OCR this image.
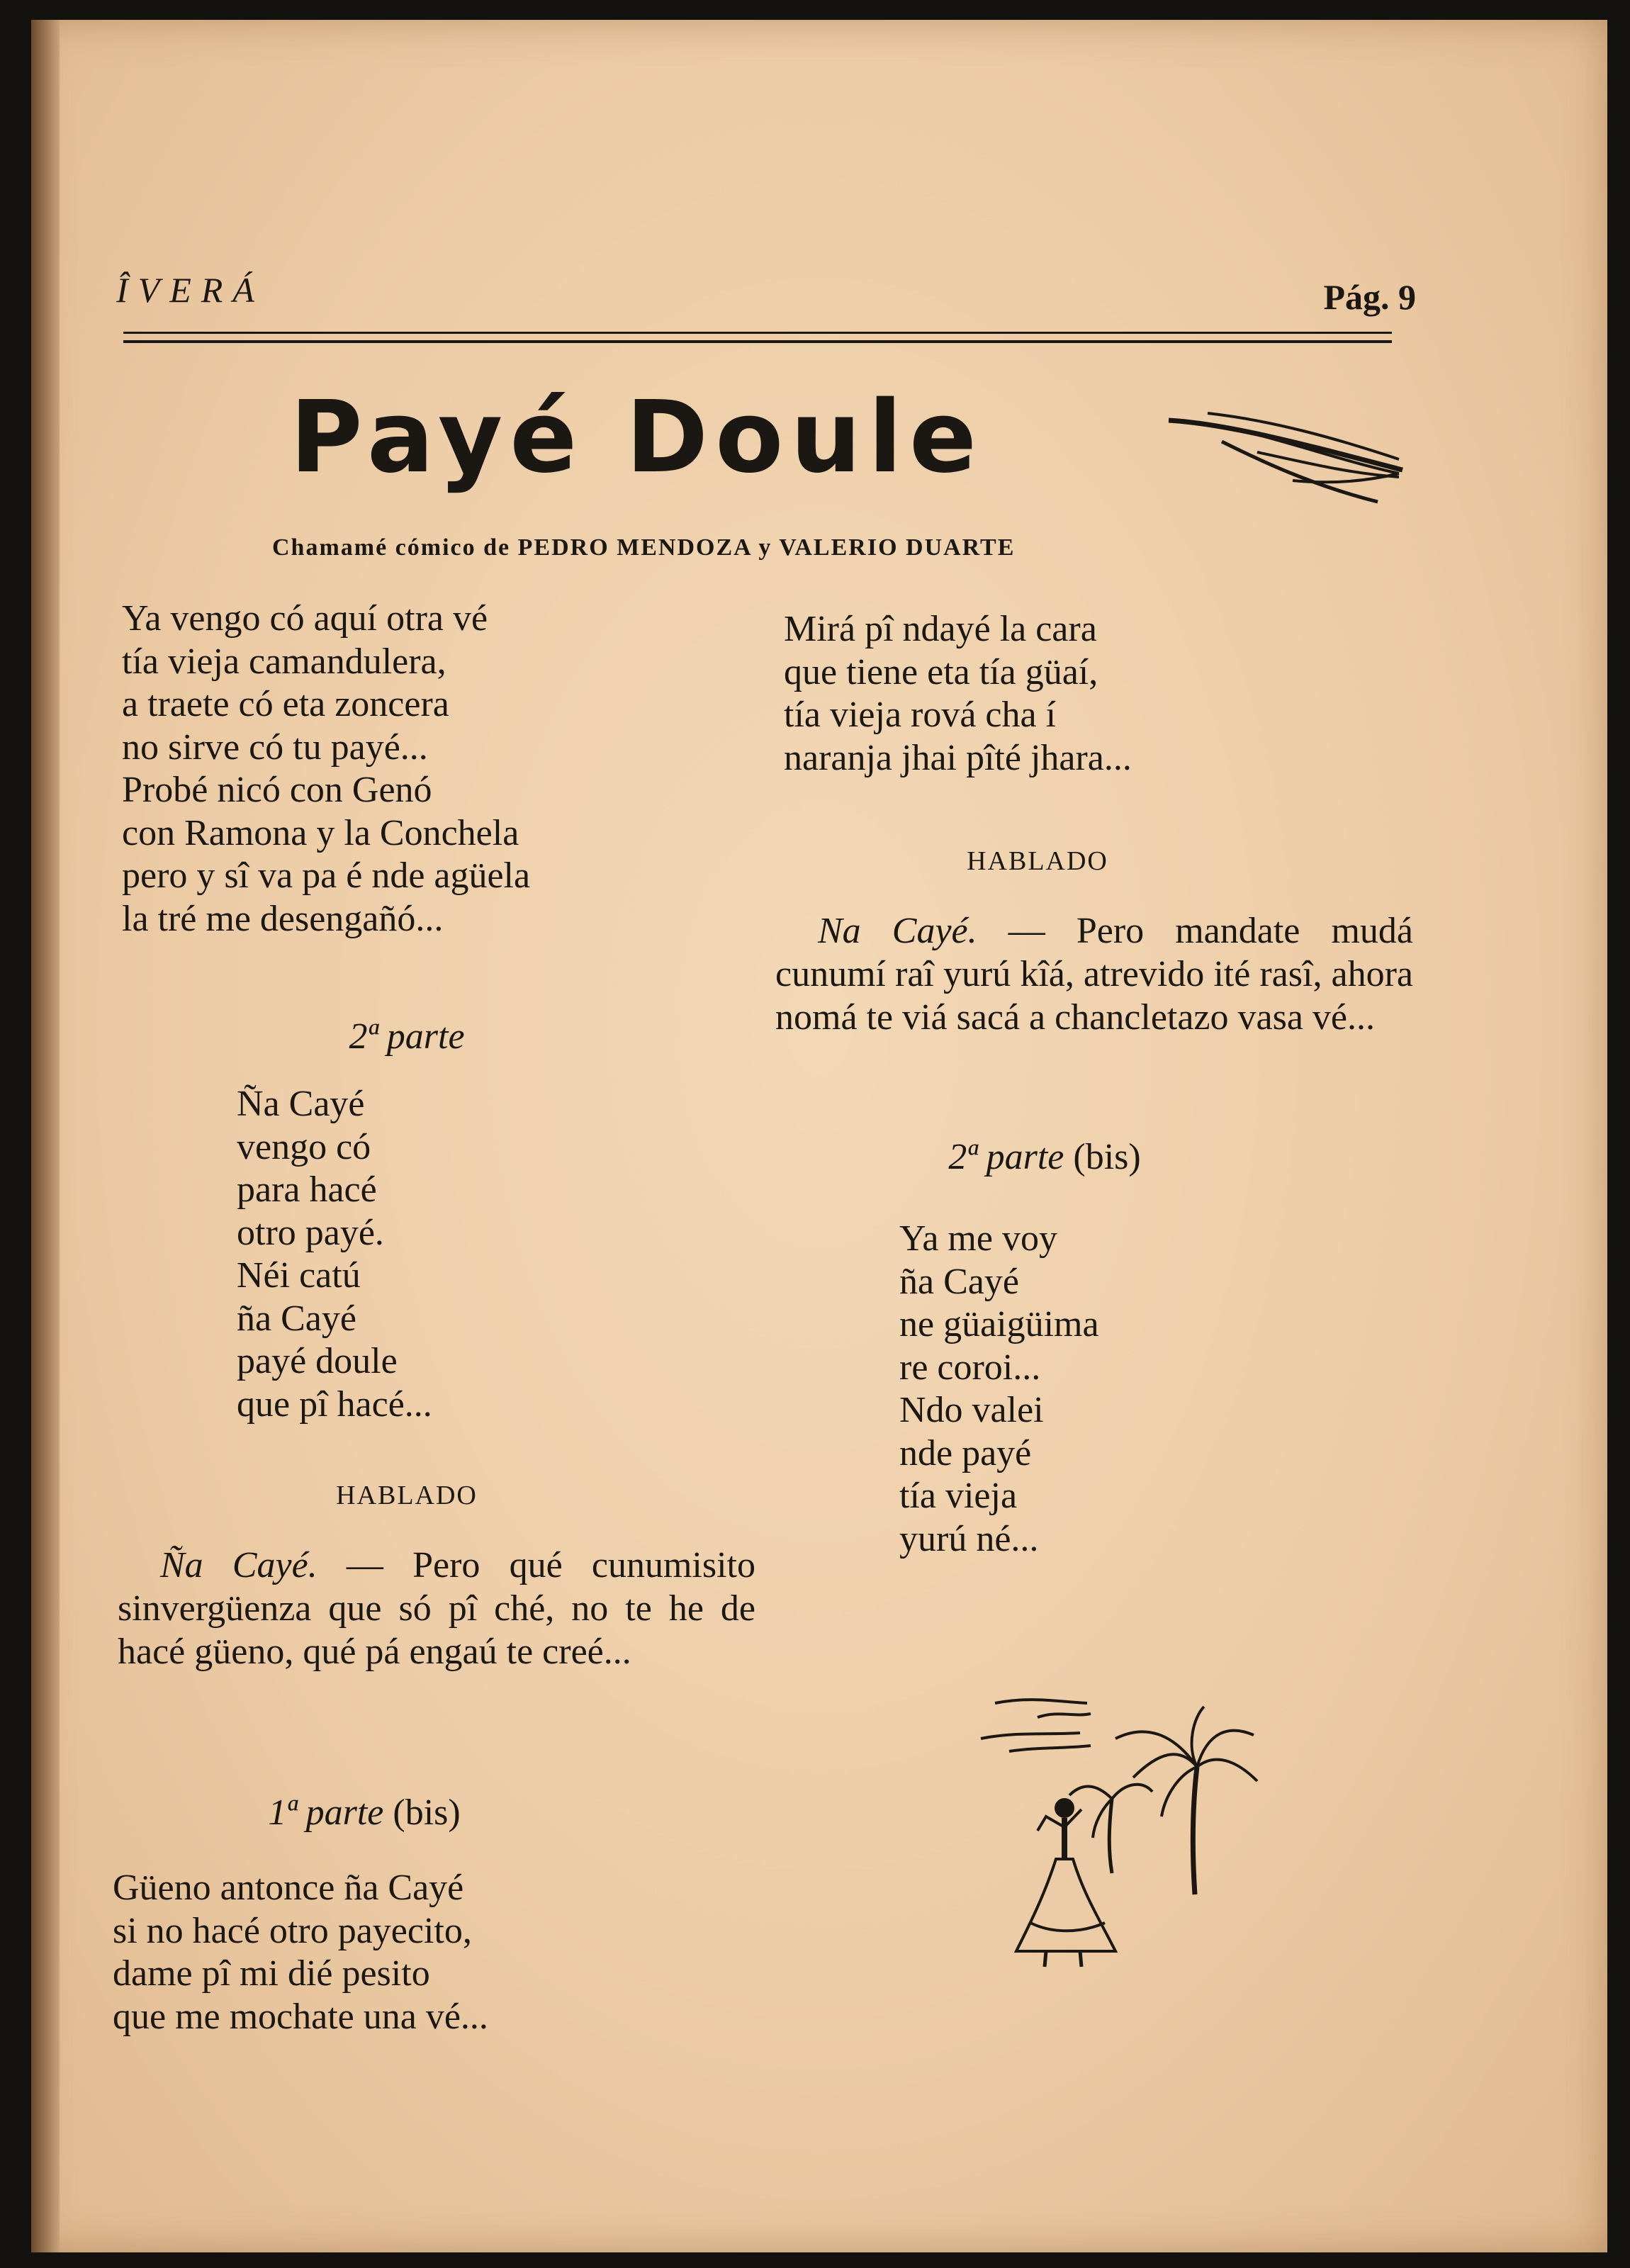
ÎVERÁ	Pág. 9
Payé Doule
Chamamé cómico de PEDRO MENDOZA y VALERIO DUARTE
Ya vengo có aquí otra vé
tía vieja camandulera,
a traete có eta zoncera
no sirve có tu payé...
Probé nicó con Genó
con Ramona y la Conchela
pero y sî va pa é nde agüela
la tré me desengañó...
2ª parte
Ña Cayé
vengo có
para hacé
otro payé.
Néi catú
ña Cayé
payé doule
que pî hacé...
HABLADO
Ña Cayé. — Pero qué cunumisito sinvergüenza que só pî ché, no te he de hacé güeno, qué pá engaú te creé...
1ª parte (bis)
Güeno antonce ña Cayé
si no hacé otro payecito,
dame pî mi dié pesito
que me mochate una vé...
Mirá pî ndayé la cara
que tiene eta tía güaí,
tía vieja rová cha í
naranja jhai pîté jhara...
HABLADO
Na Cayé. — Pero mandate mudá cunumí raî yurú kîá, atrevido ité rasî, ahora nomá te viá sacá a chancletazo vasa vé...
2ª parte (bis)
Ya me voy
ña Cayé
ne güaigüima
re coroi...
Ndo valei
nde payé
tía vieja
yurú né...
